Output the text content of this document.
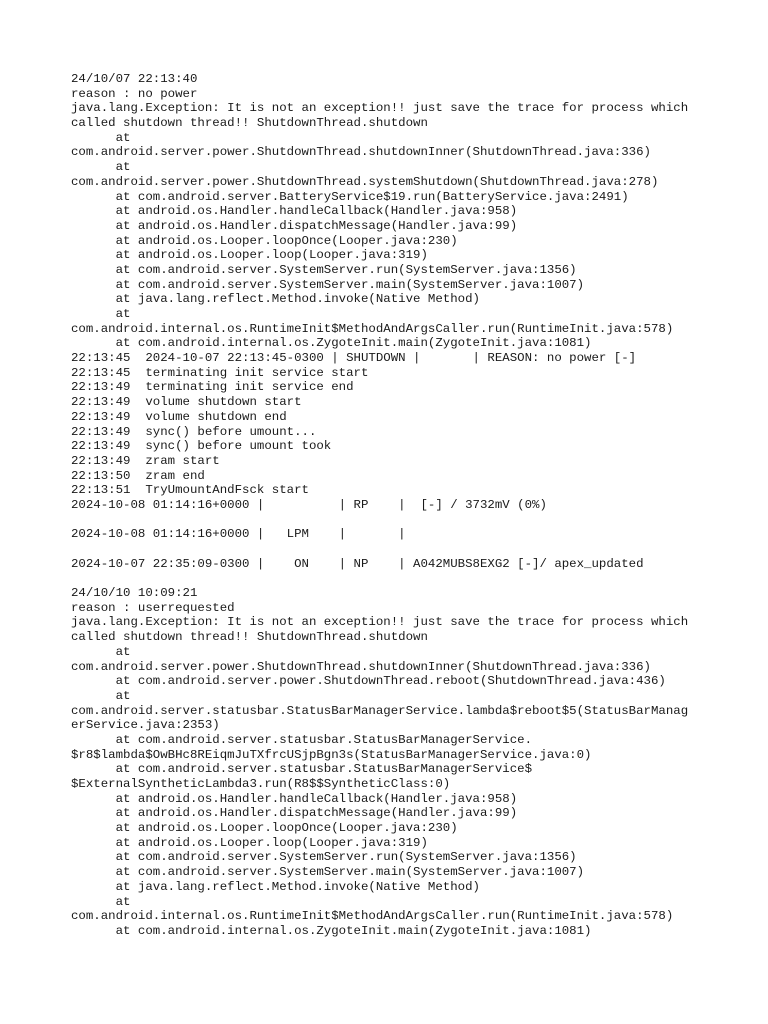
24/10/07 22:13:40
reason : no power
java.lang.Exception: It is not an exception!! just save the trace for process which
called shutdown thread!! ShutdownThread.shutdown
at
com.android.server.power.ShutdownThread.shutdownInner(ShutdownThread.java:336)
at
com.android.server.power.ShutdownThread.systemShutdown(ShutdownThread.java:278)
at com.android.server.BatteryService$19.run(BatteryService.java:2491)
at android.os.Handler.handleCallback(Handler.java:958)
at android.os.Handler.dispatchMessage(Handler.java:99)
at android.os.Looper.loopOnce(Looper.java:230)
at android.os.Looper.loop(Looper.java:319)
at com.android.server.SystemServer.run(SystemServer.java:1356)
at com.android.server.SystemServer.main(SystemServer.java:1007)
at java.lang.reflect.Method.invoke(Native Method)
at
com.android.internal.os.RuntimeInit$MethodAndArgsCaller.run(RuntimeInit.java:578)
at com.android.internal.os.ZygoteInit.main(ZygoteInit.java:1081)
22:13:45  2024-10-07 22:13:45-0300 | SHUTDOWN |       | REASON: no power [-]
22:13:45  terminating init service start
22:13:49  terminating init service end
22:13:49  volume shutdown start
22:13:49  volume shutdown end
22:13:49  sync() before umount...
22:13:49  sync() before umount took
22:13:49  zram start
22:13:50  zram end
22:13:51  TryUmountAndFsck start
2024-10-08 01:14:16+0000 |          | RP    |  [-] / 3732mV (0%)
2024-10-08 01:14:16+0000 |   LPM    |       |
2024-10-07 22:35:09-0300 |    ON    | NP    | A042MUBS8EXG2 [-]/ apex_updated
24/10/10 10:09:21
reason : userrequested
java.lang.Exception: It is not an exception!! just save the trace for process which
called shutdown thread!! ShutdownThread.shutdown
at
com.android.server.power.ShutdownThread.shutdownInner(ShutdownThread.java:336)
at com.android.server.power.ShutdownThread.reboot(ShutdownThread.java:436)
at
com.android.server.statusbar.StatusBarManagerService.lambda$reboot$5(StatusBarManag
erService.java:2353)
at com.android.server.statusbar.StatusBarManagerService.
$r8$lambda$OwBHc8REiqmJuTXfrcUSjpBgn3s(StatusBarManagerService.java:0)
at com.android.server.statusbar.StatusBarManagerService$
$ExternalSyntheticLambda3.run(R8$$SyntheticClass:0)
at android.os.Handler.handleCallback(Handler.java:958)
at android.os.Handler.dispatchMessage(Handler.java:99)
at android.os.Looper.loopOnce(Looper.java:230)
at android.os.Looper.loop(Looper.java:319)
at com.android.server.SystemServer.run(SystemServer.java:1356)
at com.android.server.SystemServer.main(SystemServer.java:1007)
at java.lang.reflect.Method.invoke(Native Method)
at
com.android.internal.os.RuntimeInit$MethodAndArgsCaller.run(RuntimeInit.java:578)
at com.android.internal.os.ZygoteInit.main(ZygoteInit.java:1081)
